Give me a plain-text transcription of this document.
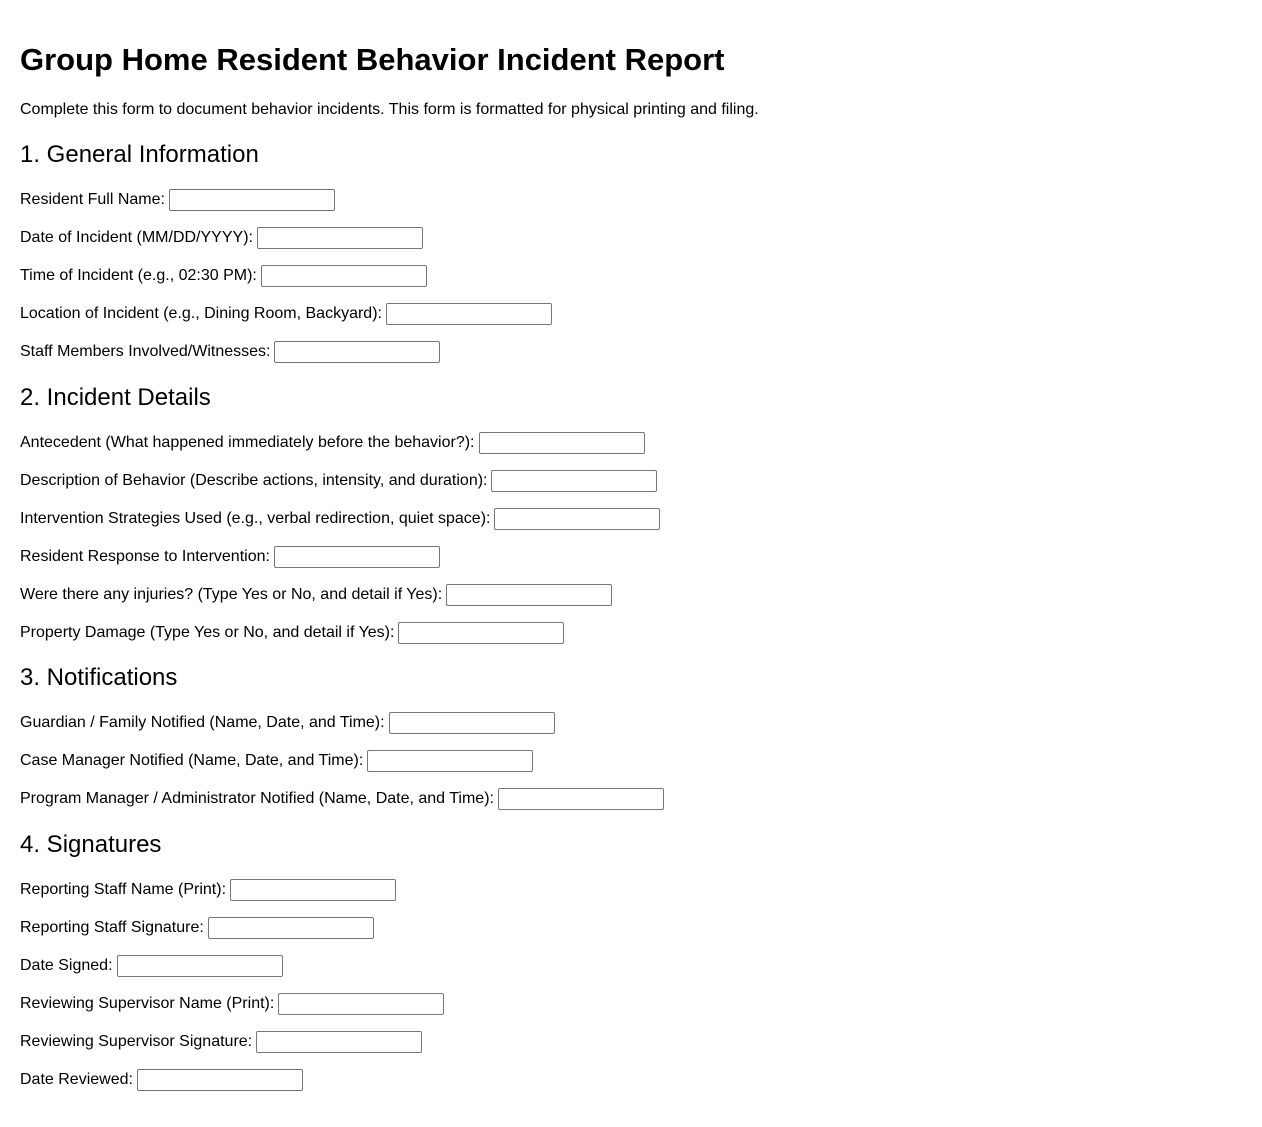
Group Home Resident Behavior Incident Report

Complete this form to document behavior incidents. This form is formatted for physical printing and filing.

1. General Information
Resident Full Name:
Date of Incident (MM/DD/YYYY):
Time of Incident (e.g., 02:30 PM):
Location of Incident (e.g., Dining Room, Backyard):
Staff Members Involved/Witnesses:
2. Incident Details
Antecedent (What happened immediately before the behavior?):
Description of Behavior (Describe actions, intensity, and duration):
Intervention Strategies Used (e.g., verbal redirection, quiet space):
Resident Response to Intervention:
Were there any injuries? (Type Yes or No, and detail if Yes):
Property Damage (Type Yes or No, and detail if Yes):
3. Notifications
Guardian / Family Notified (Name, Date, and Time):
Case Manager Notified (Name, Date, and Time):
Program Manager / Administrator Notified (Name, Date, and Time):
4. Signatures
Reporting Staff Name (Print):
Reporting Staff Signature:
Date Signed:
Reviewing Supervisor Name (Print):
Reviewing Supervisor Signature:
Date Reviewed:
